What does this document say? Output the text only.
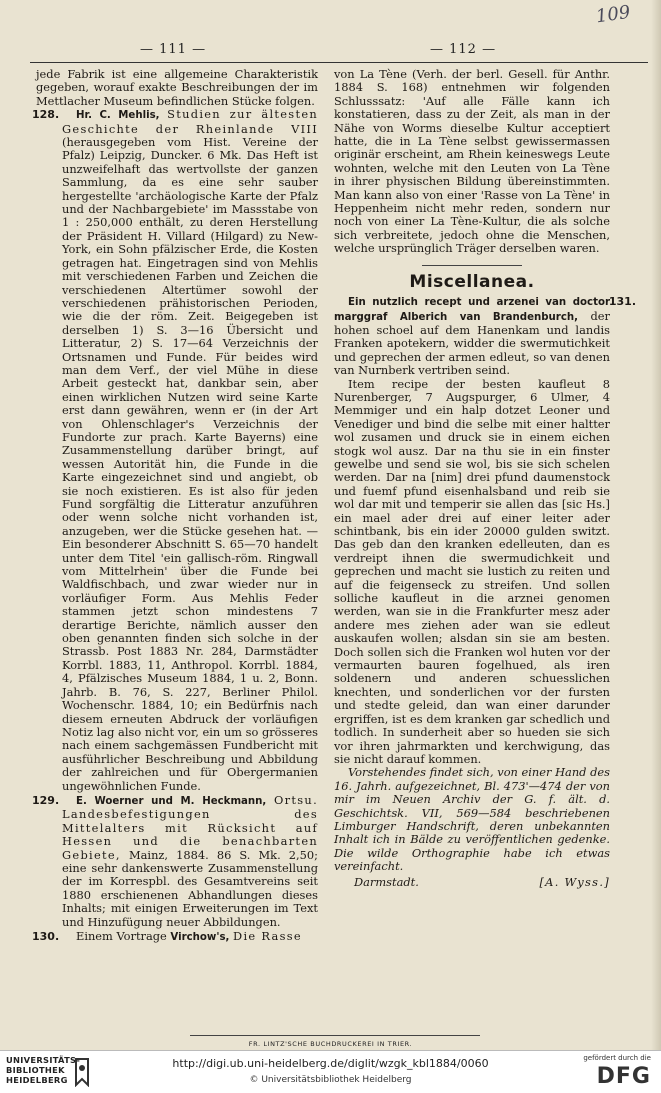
109
— 111 —	— 112 —

jede Fabrik ist eine allgemeine Charakteristik gegeben, worauf exakte Beschreibungen der im Mettlacher Museum befindlichen Stücke folgen.

128.	Hr. C. Mehlis, Studien zur ältesten Geschichte der Rheinlande VIII (herausgegeben vom Hist. Vereine der Pfalz) Leipzig, Duncker. 6 Mk. Das Heft ist unzweifelhaft das wertvollste der ganzen Sammlung, da es eine sehr sauber hergestellte 'archäologische Karte der Pfalz und der Nachbargebiete' im Massstabe von 1 : 250,000 enthält, zu deren Herstellung der Präsident H. Villard (Hilgard) zu New-York, ein Sohn pfälzischer Erde, die Kosten getragen hat. Eingetragen sind von Mehlis mit verschiedenen Farben und Zeichen die verschiedenen Altertümer sowohl der verschiedenen prähistorischen Perioden, wie die der röm. Zeit. Beigegeben ist derselben 1) S. 3—16 Übersicht und Litteratur, 2) S. 17—64 Verzeichnis der Ortsnamen und Funde. Für beides wird man dem Verf., der viel Mühe in diese Arbeit gesteckt hat, dankbar sein, aber einen wirklichen Nutzen wird seine Karte erst dann gewähren, wenn er (in der Art von Ohlenschlager's Verzeichnis der Fundorte zur prach. Karte Bayerns) eine Zusammenstellung darüber bringt, auf wessen Autorität hin, die Funde in die Karte eingezeichnet sind und angiebt, ob sie noch existieren. Es ist also für jeden Fund sorgfältig die Litteratur anzuführen oder wenn solche nicht vorhanden ist, anzugeben, wer die Stücke gesehen hat. — Ein besonderer Abschnitt S. 65—70 handelt unter dem Titel 'ein gallisch-röm. Ringwall vom Mittelrhein' über die Funde bei Waldfischbach, und zwar wieder nur in vorläufiger Form. Aus Mehlis Feder stammen jetzt schon mindestens 7 derartige Berichte, nämlich ausser den oben genannten finden sich solche in der Strassb. Post 1883 Nr. 284, Darmstädter Korrbl. 1883, 11, Anthropol. Korrbl. 1884, 4, Pfälzisches Museum 1884, 1 u. 2, Bonn. Jahrb. B. 76, S. 227, Berliner Philol. Wochenschr. 1884, 10; ein Bedürfnis nach diesem erneuten Abdruck der vorläufigen Notiz lag also nicht vor, ein um so grösseres nach einem sachgemässen Fundbericht mit ausführlicher Beschreibung und Abbildung der zahlreichen und für Obergermanien ungewöhnlichen Funde.

129.	E. Woerner und M. Heckmann, Ortsu. Landesbefestigungen des Mittelalters mit Rücksicht auf Hessen und die benachbarten Gebiete, Mainz, 1884. 86 S. Mk. 2,50; eine sehr dankenswerte Zusammenstellung der im Korrespbl. des Gesamtvereins seit 1880 erschienenen Abhandlungen dieses Inhalts; mit einigen Erweiterungen im Text und Hinzufügung neuer Abbildungen.

130.	Einem Vortrage Virchow's, Die Rasse

von La Tène (Verh. der berl. Gesell. für Anthr. 1884 S. 168) entnehmen wir folgenden Schlusssatz: 'Auf alle Fälle kann ich konstatieren, dass zu der Zeit, als man in der Nähe von Worms dieselbe Kultur acceptiert hatte, die in La Tène selbst gewissermassen originär erscheint, am Rhein keineswegs Leute wohnten, welche mit den Leuten von La Tène in ihrer physischen Bildung übereinstimmten. Man kann also von einer 'Rasse von La Tène' in Heppenheim nicht mehr reden, sondern nur noch von einer La Tène-Kultur, die als solche sich verbreitete, jedoch ohne die Menschen, welche ursprünglich Träger derselben waren.

Miscellanea.
131.

Ein nutzlich recept und arzenei van doctor marggraf Alberich van Brandenburch, der hohen schoel auf dem Hanenkam und landis Franken apotekern, widder die swermutichkeit und geprechen der armen edleut, so van denen van Nurnberk vertriben seind.

Item recipe der besten kaufleut 8 Nurenberger, 7 Augspurger, 6 Ulmer, 4 Memmiger und ein halp dotzet Leoner und Venediger und bind die selbe mit einer haltter wol zusamen und druck sie in einem eichen stogk wol ausz. Dar na thu sie in ein finster gewelbe und send sie wol, bis sie sich schelen werden. Dar na [nim] drei pfund daumenstock und fuemf pfund eisenhalsband und reib sie wol dar mit und temperir sie allen das [sic Hs.] ein mael ader drei auf einer leiter ader schintbank, bis ein ider 20000 gulden switzt. Das geb dan den kranken edelleuten, dan es verdreipt ihnen die swermudichkeit und geprechen und macht sie lustich zu reiten und auf die feigenseck zu streifen. Und sollen solliche kaufleut in die arznei genomen werden, wan sie in die Frankfurter mesz ader andere mes ziehen ader wan sie edleut auskaufen wollen; alsdan sin sie am besten. Doch sollen sich die Franken wol huten vor der vermaurten bauren fogelhued, als iren soldenern und anderen schuesslichen knechten, und sonderlichen vor der fursten und stedte geleid, dan wan einer darunder ergriffen, ist es dem kranken gar schedlich und todlich. In sunderheit aber so hueden sie sich vor ihren jahrmarkten und kerchwigung, das sie nicht darauf kommen.

Vorstehendes findet sich, von einer Hand des 16. Jahrh. aufgezeichnet, Bl. 473'—474 der von mir im Neuen Archiv der G. f. ält. d. Geschichtsk. VII, 569—584 beschriebenen Limburger Handschrift, deren unbekannten Inhalt ich in Bälde zu veröffentlichen gedenke. Die wilde Orthographie habe ich etwas vereinfacht.

Darmstadt.	[A. Wyss.]
FR. LINTZ'SCHE BUCHDRUCKEREI IN TRIER.
UNIVERSITÄTS-
BIBLIOTHEK
HEIDELBERG
http://digi.ub.uni-heidelberg.de/diglit/wzgk_kbl1884/0060
© Universitätsbibliothek Heidelberg
gefördert durch die
DFG
